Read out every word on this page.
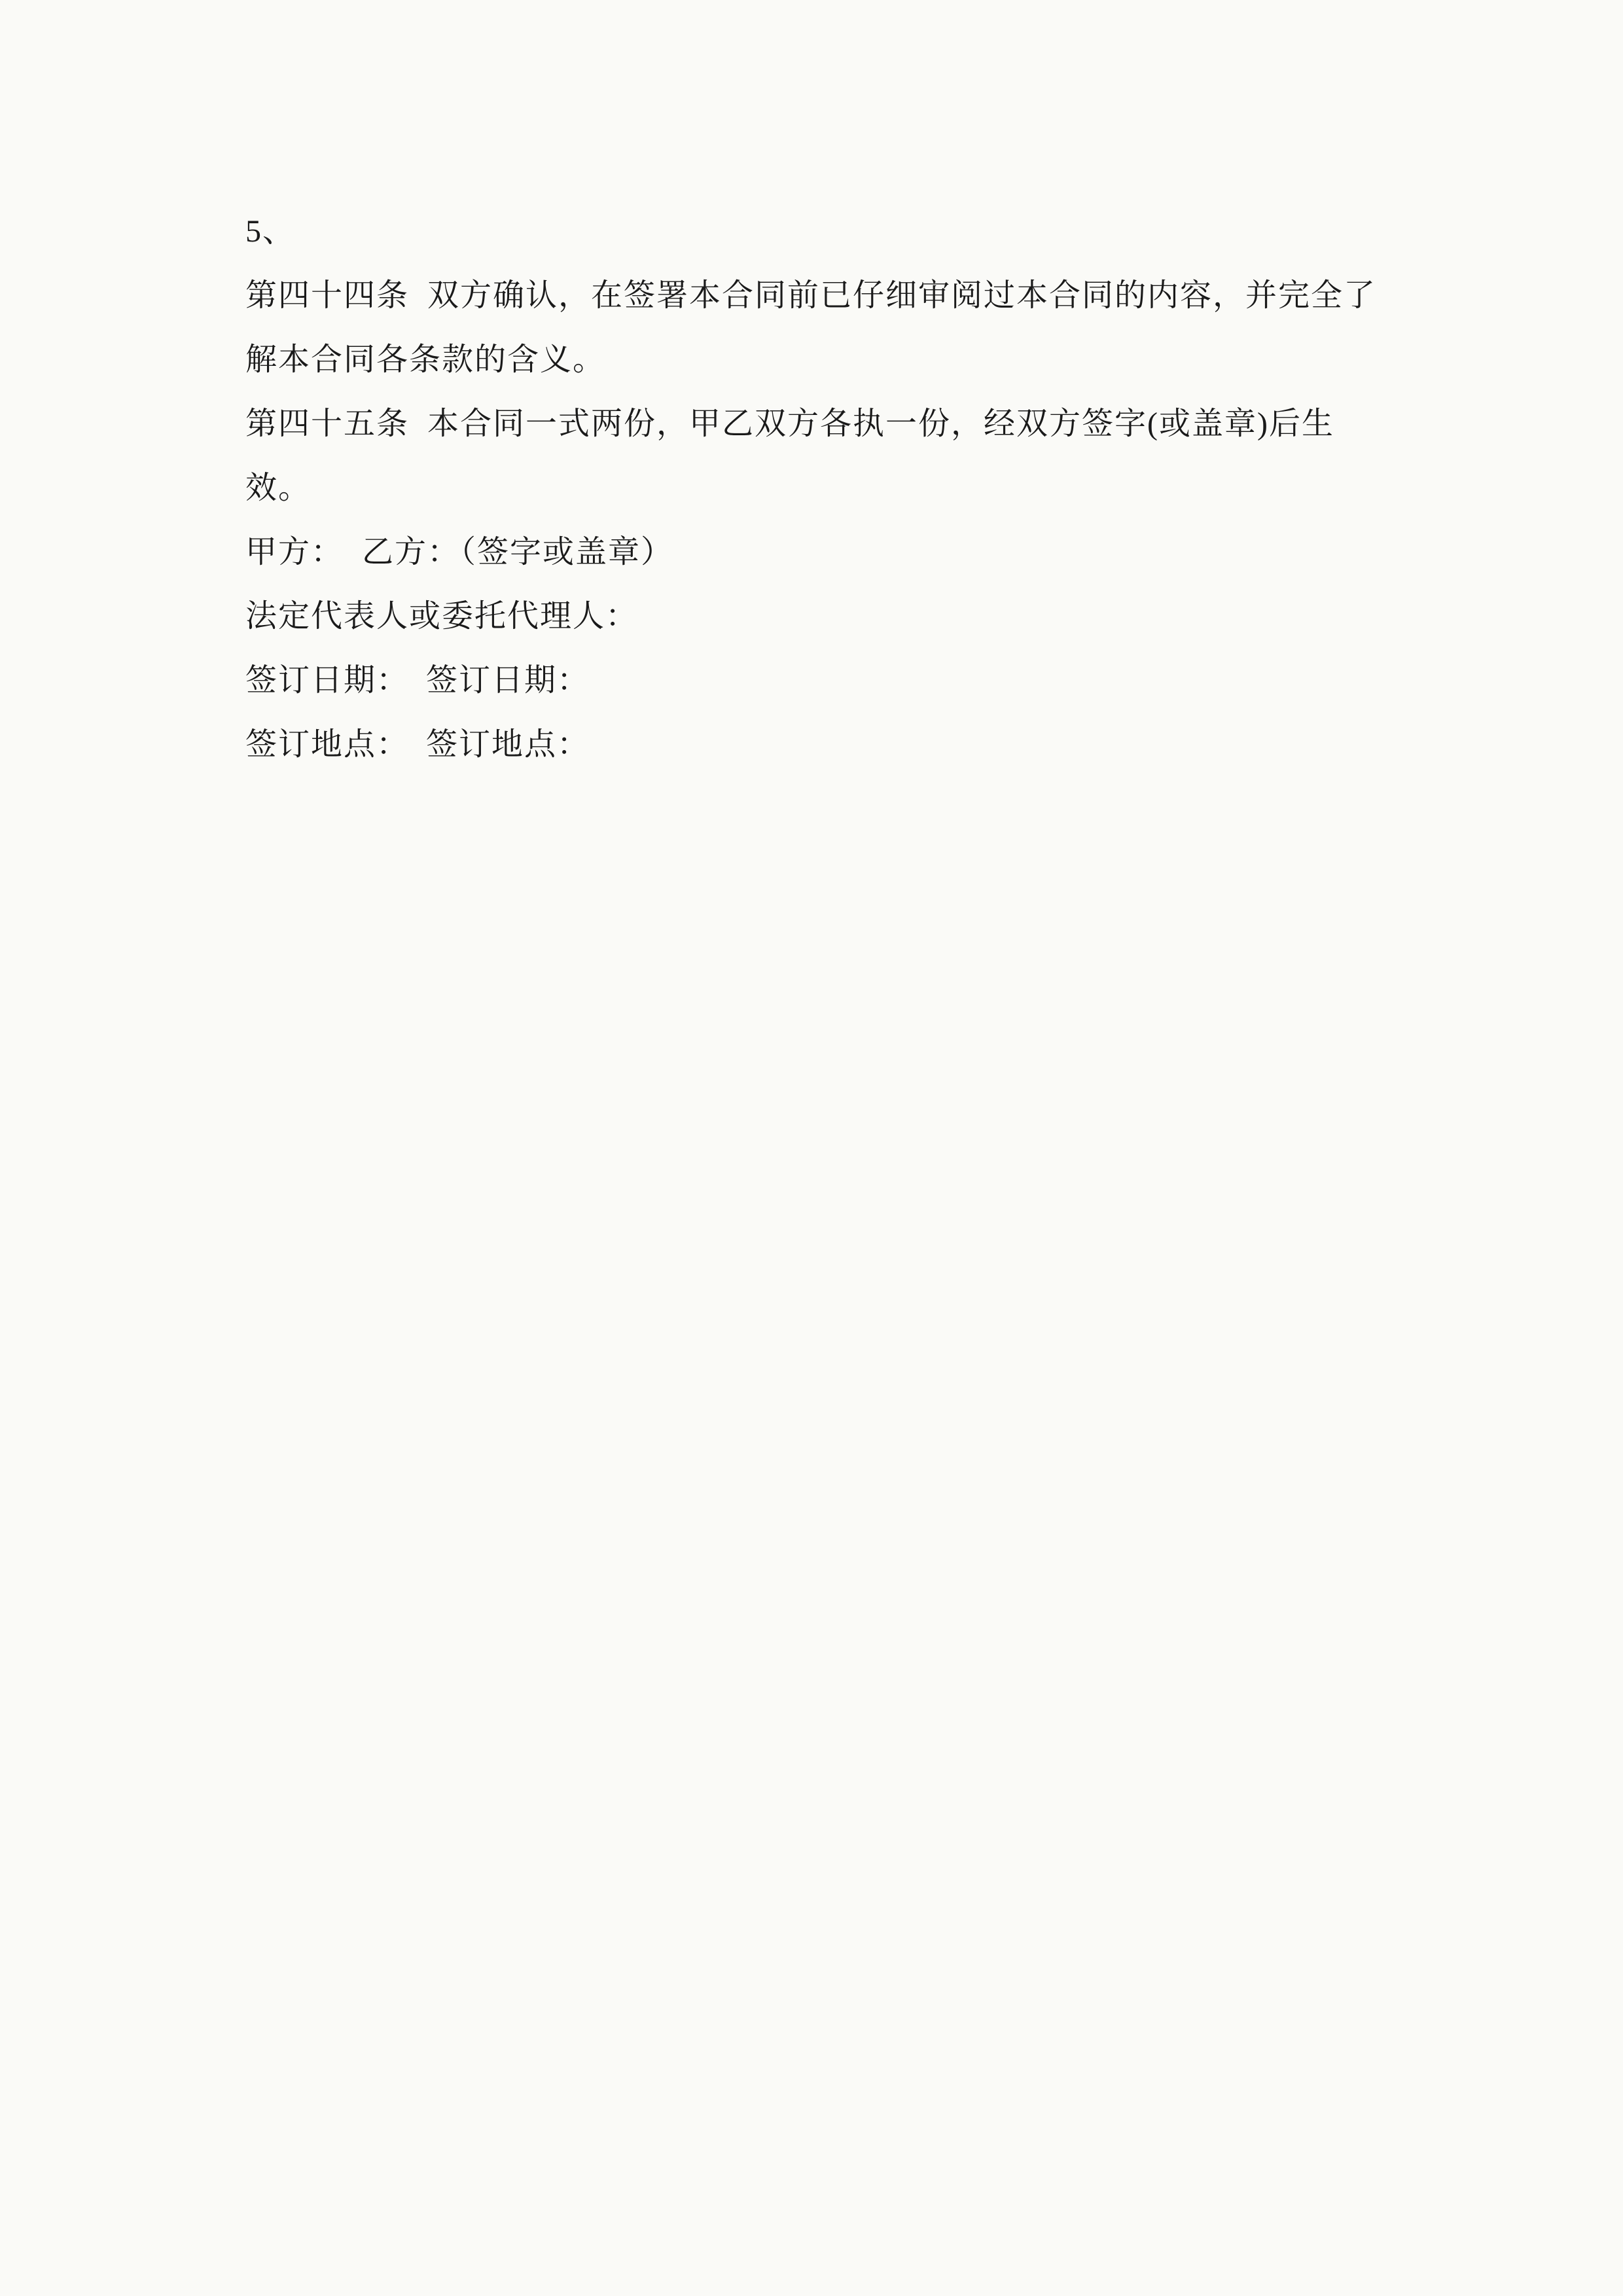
5、

第四十四条  双方确认，在签署本合同前已仔细审阅过本合同的内容，并完全了

解本合同各条款的含义。

第四十五条  本合同一式两份，甲乙双方各执一份，经双方签字(或盖章)后生效。

甲方：  乙方：（签字或盖章）

法定代表人或委托代理人：

签订日期：　签订日期：

签订地点：　签订地点：
